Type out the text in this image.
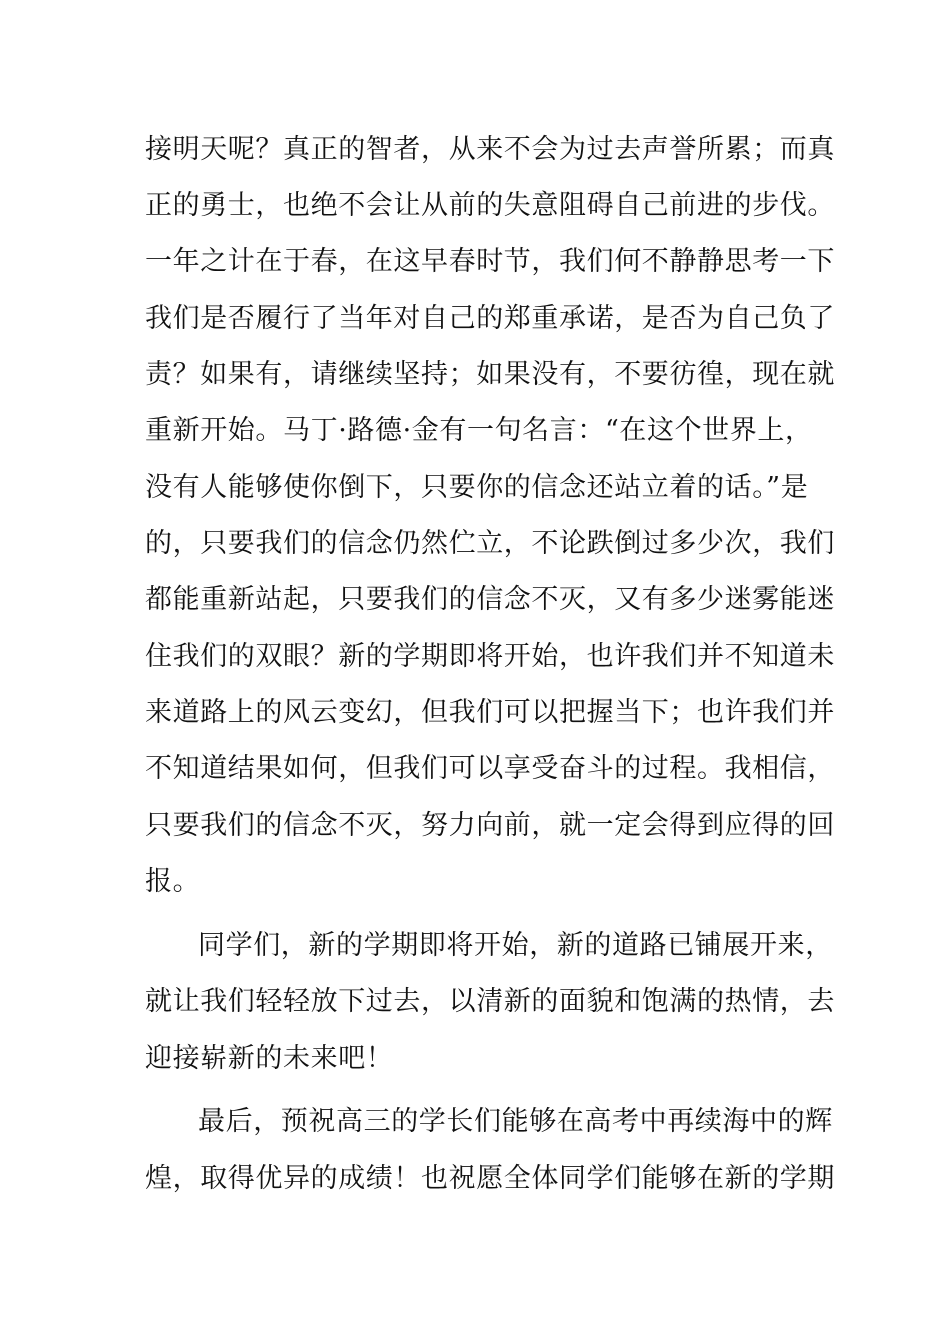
接明天呢？真正的智者，从来不会为过去声誉所累；而真
正的勇士，也绝不会让从前的失意阻碍自己前进的步伐。
一年之计在于春，在这早春时节，我们何不静静思考一下
我们是否履行了当年对自己的郑重承诺，是否为自己负了
责？如果有，请继续坚持；如果没有，不要彷徨，现在就
重新开始。马丁·路德·金有一句名言：“在这个世界上，
没有人能够使你倒下，只要你的信念还站立着的话。”是
的，只要我们的信念仍然伫立，不论跌倒过多少次，我们
都能重新站起，只要我们的信念不灭，又有多少迷雾能迷
住我们的双眼？新的学期即将开始，也许我们并不知道未
来道路上的风云变幻，但我们可以把握当下；也许我们并
不知道结果如何，但我们可以享受奋斗的过程。我相信，
只要我们的信念不灭，努力向前，就一定会得到应得的回
报。
同学们，新的学期即将开始，新的道路已铺展开来，
就让我们轻轻放下过去，以清新的面貌和饱满的热情，去
迎接崭新的未来吧！
最后，预祝高三的学长们能够在高考中再续海中的辉
煌，取得优异的成绩！也祝愿全体同学们能够在新的学期
